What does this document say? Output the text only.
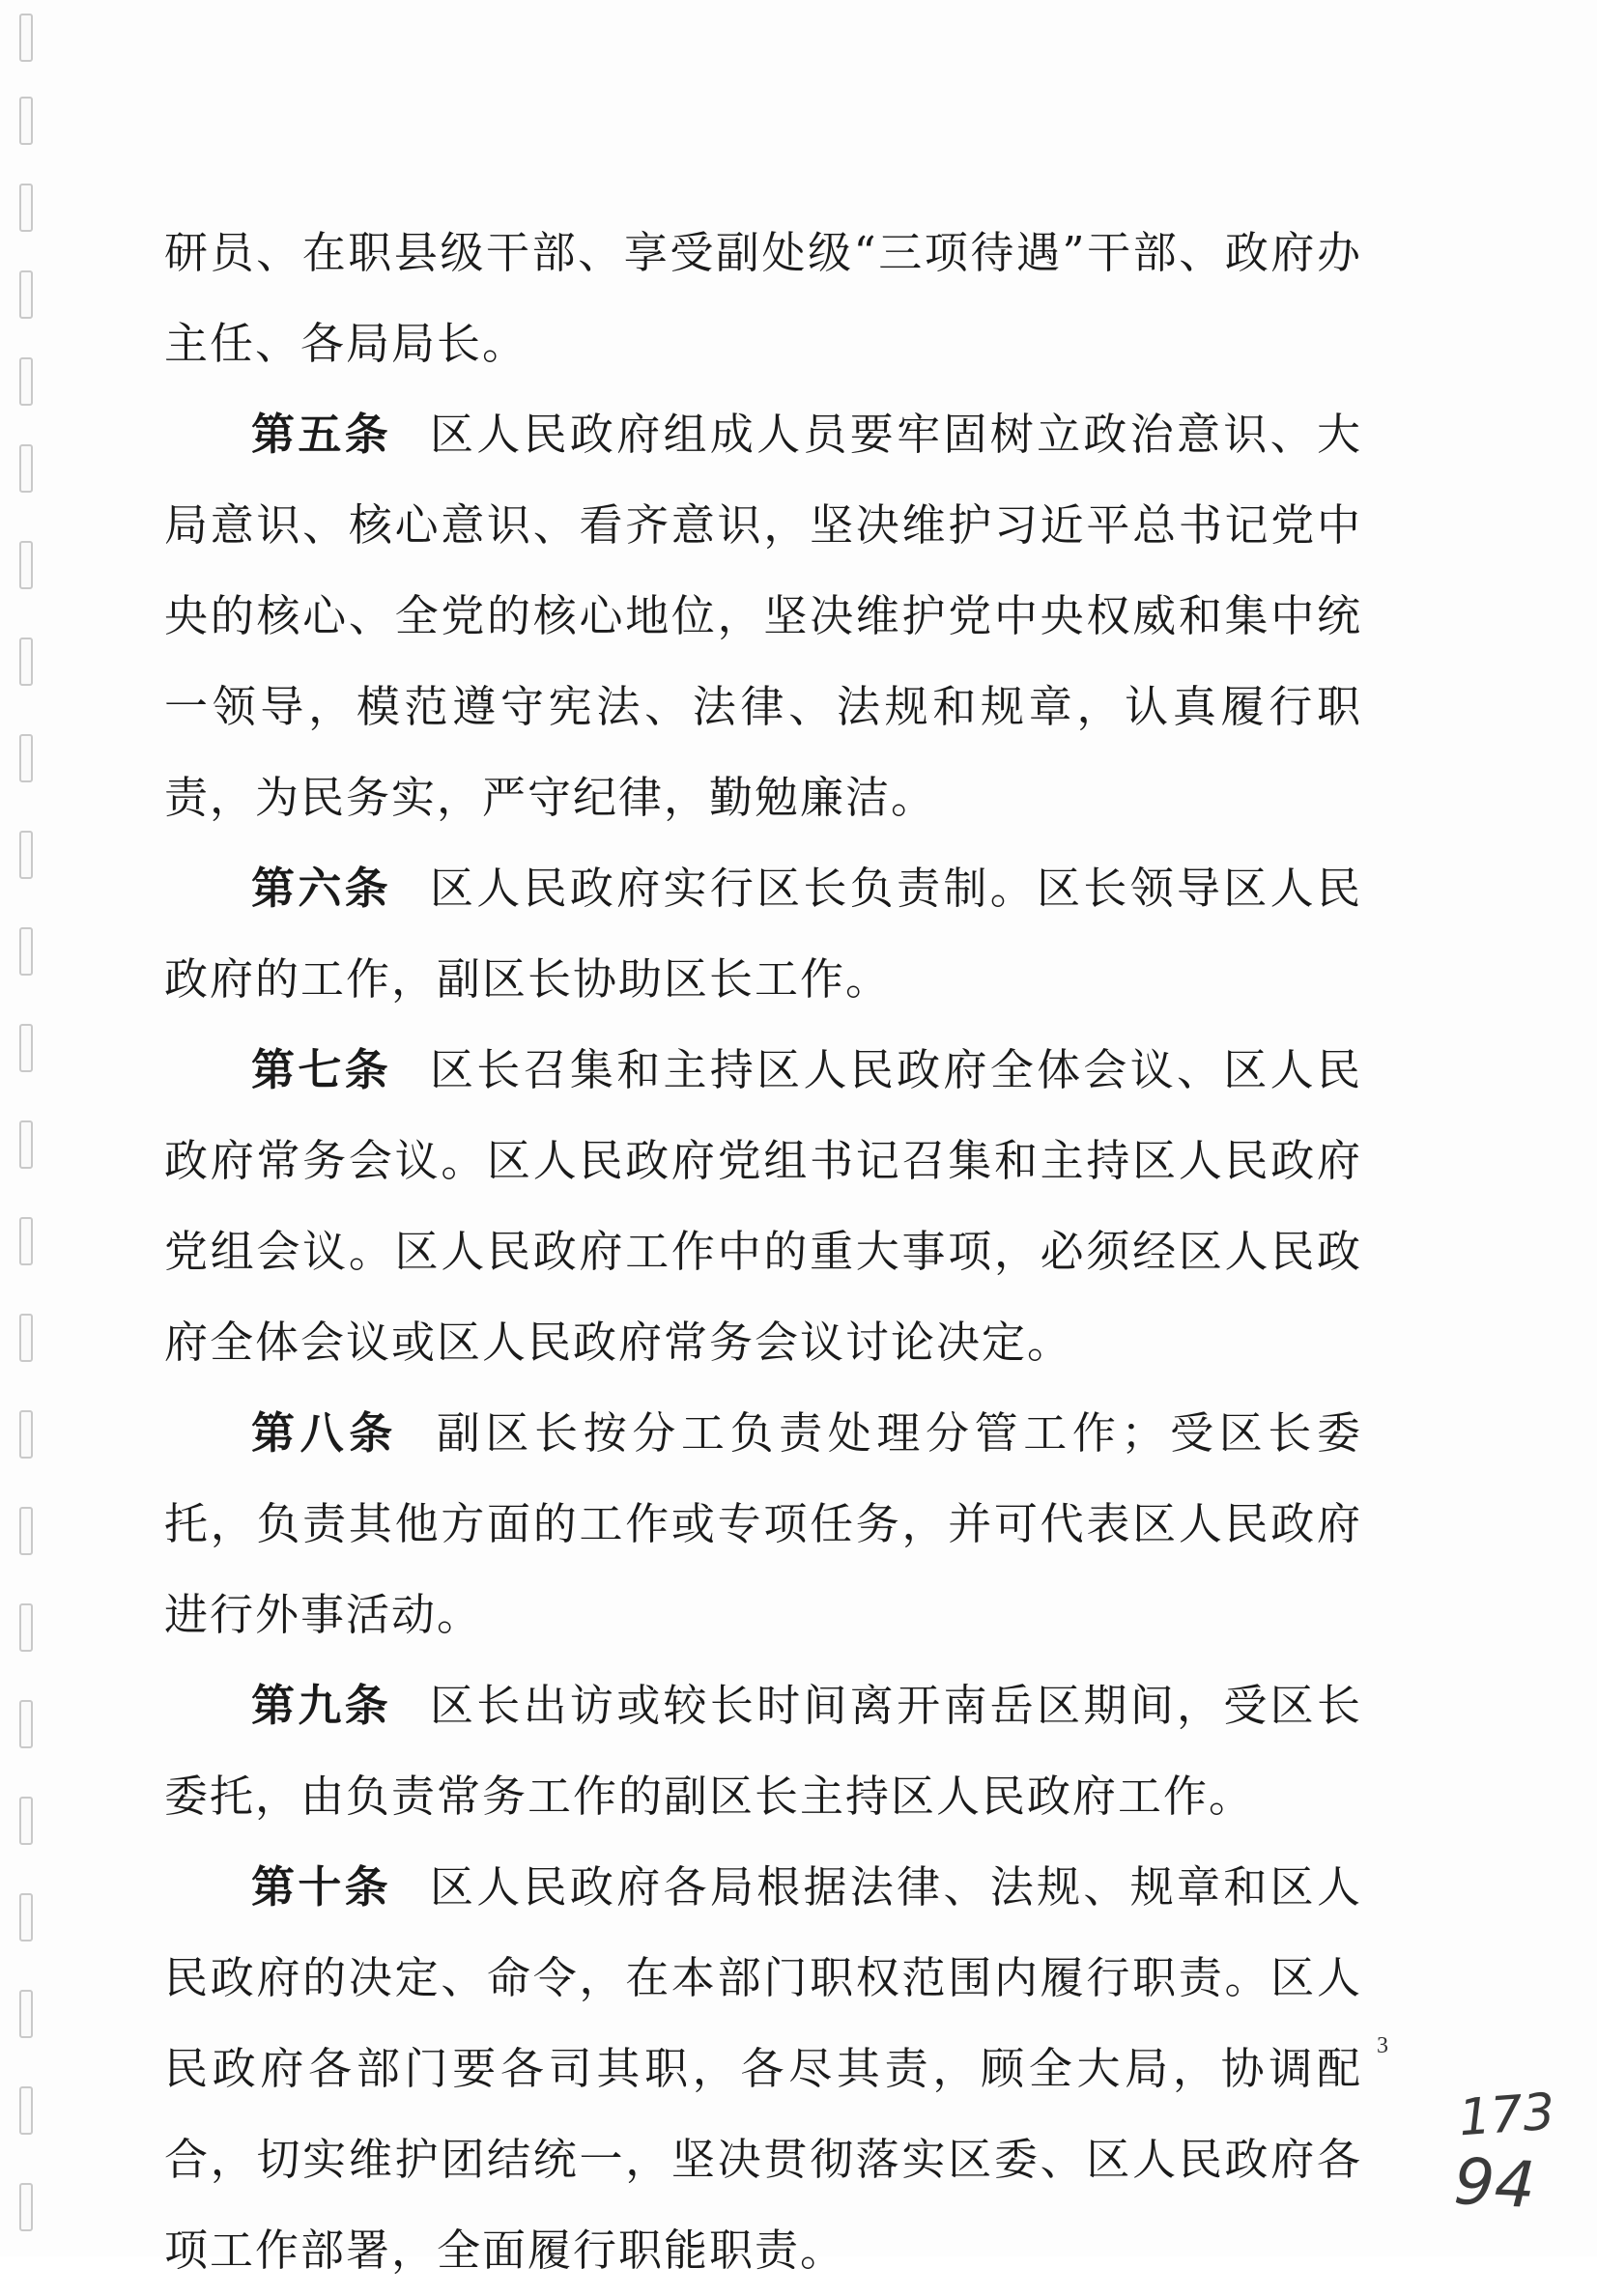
研员、在职县级干部、享受副处级“三项待遇”干部、政府办主任、各局局长。

第五条 区人民政府组成人员要牢固树立政治意识、大局意识、核心意识、看齐意识，坚决维护习近平总书记党中央的核心、全党的核心地位，坚决维护党中央权威和集中统一领导，模范遵守宪法、法律、法规和规章，认真履行职责，为民务实，严守纪律，勤勉廉洁。

第六条 区人民政府实行区长负责制。区长领导区人民政府的工作，副区长协助区长工作。

第七条 区长召集和主持区人民政府全体会议、区人民政府常务会议。区人民政府党组书记召集和主持区人民政府党组会议。区人民政府工作中的重大事项，必须经区人民政府全体会议或区人民政府常务会议讨论决定。

第八条 副区长按分工负责处理分管工作；受区长委托，负责其他方面的工作或专项任务，并可代表区人民政府进行外事活动。

第九条 区长出访或较长时间离开南岳区期间，受区长委托，由负责常务工作的副区长主持区人民政府工作。

第十条 区人民政府各局根据法律、法规、规章和区人民政府的决定、命令，在本部门职权范围内履行职责。区人民政府各部门要各司其职，各尽其责，顾全大局，协调配合，切实维护团结统一，坚决贯彻落实区委、区人民政府各项工作部署，全面履行职能职责。

3
173
94
